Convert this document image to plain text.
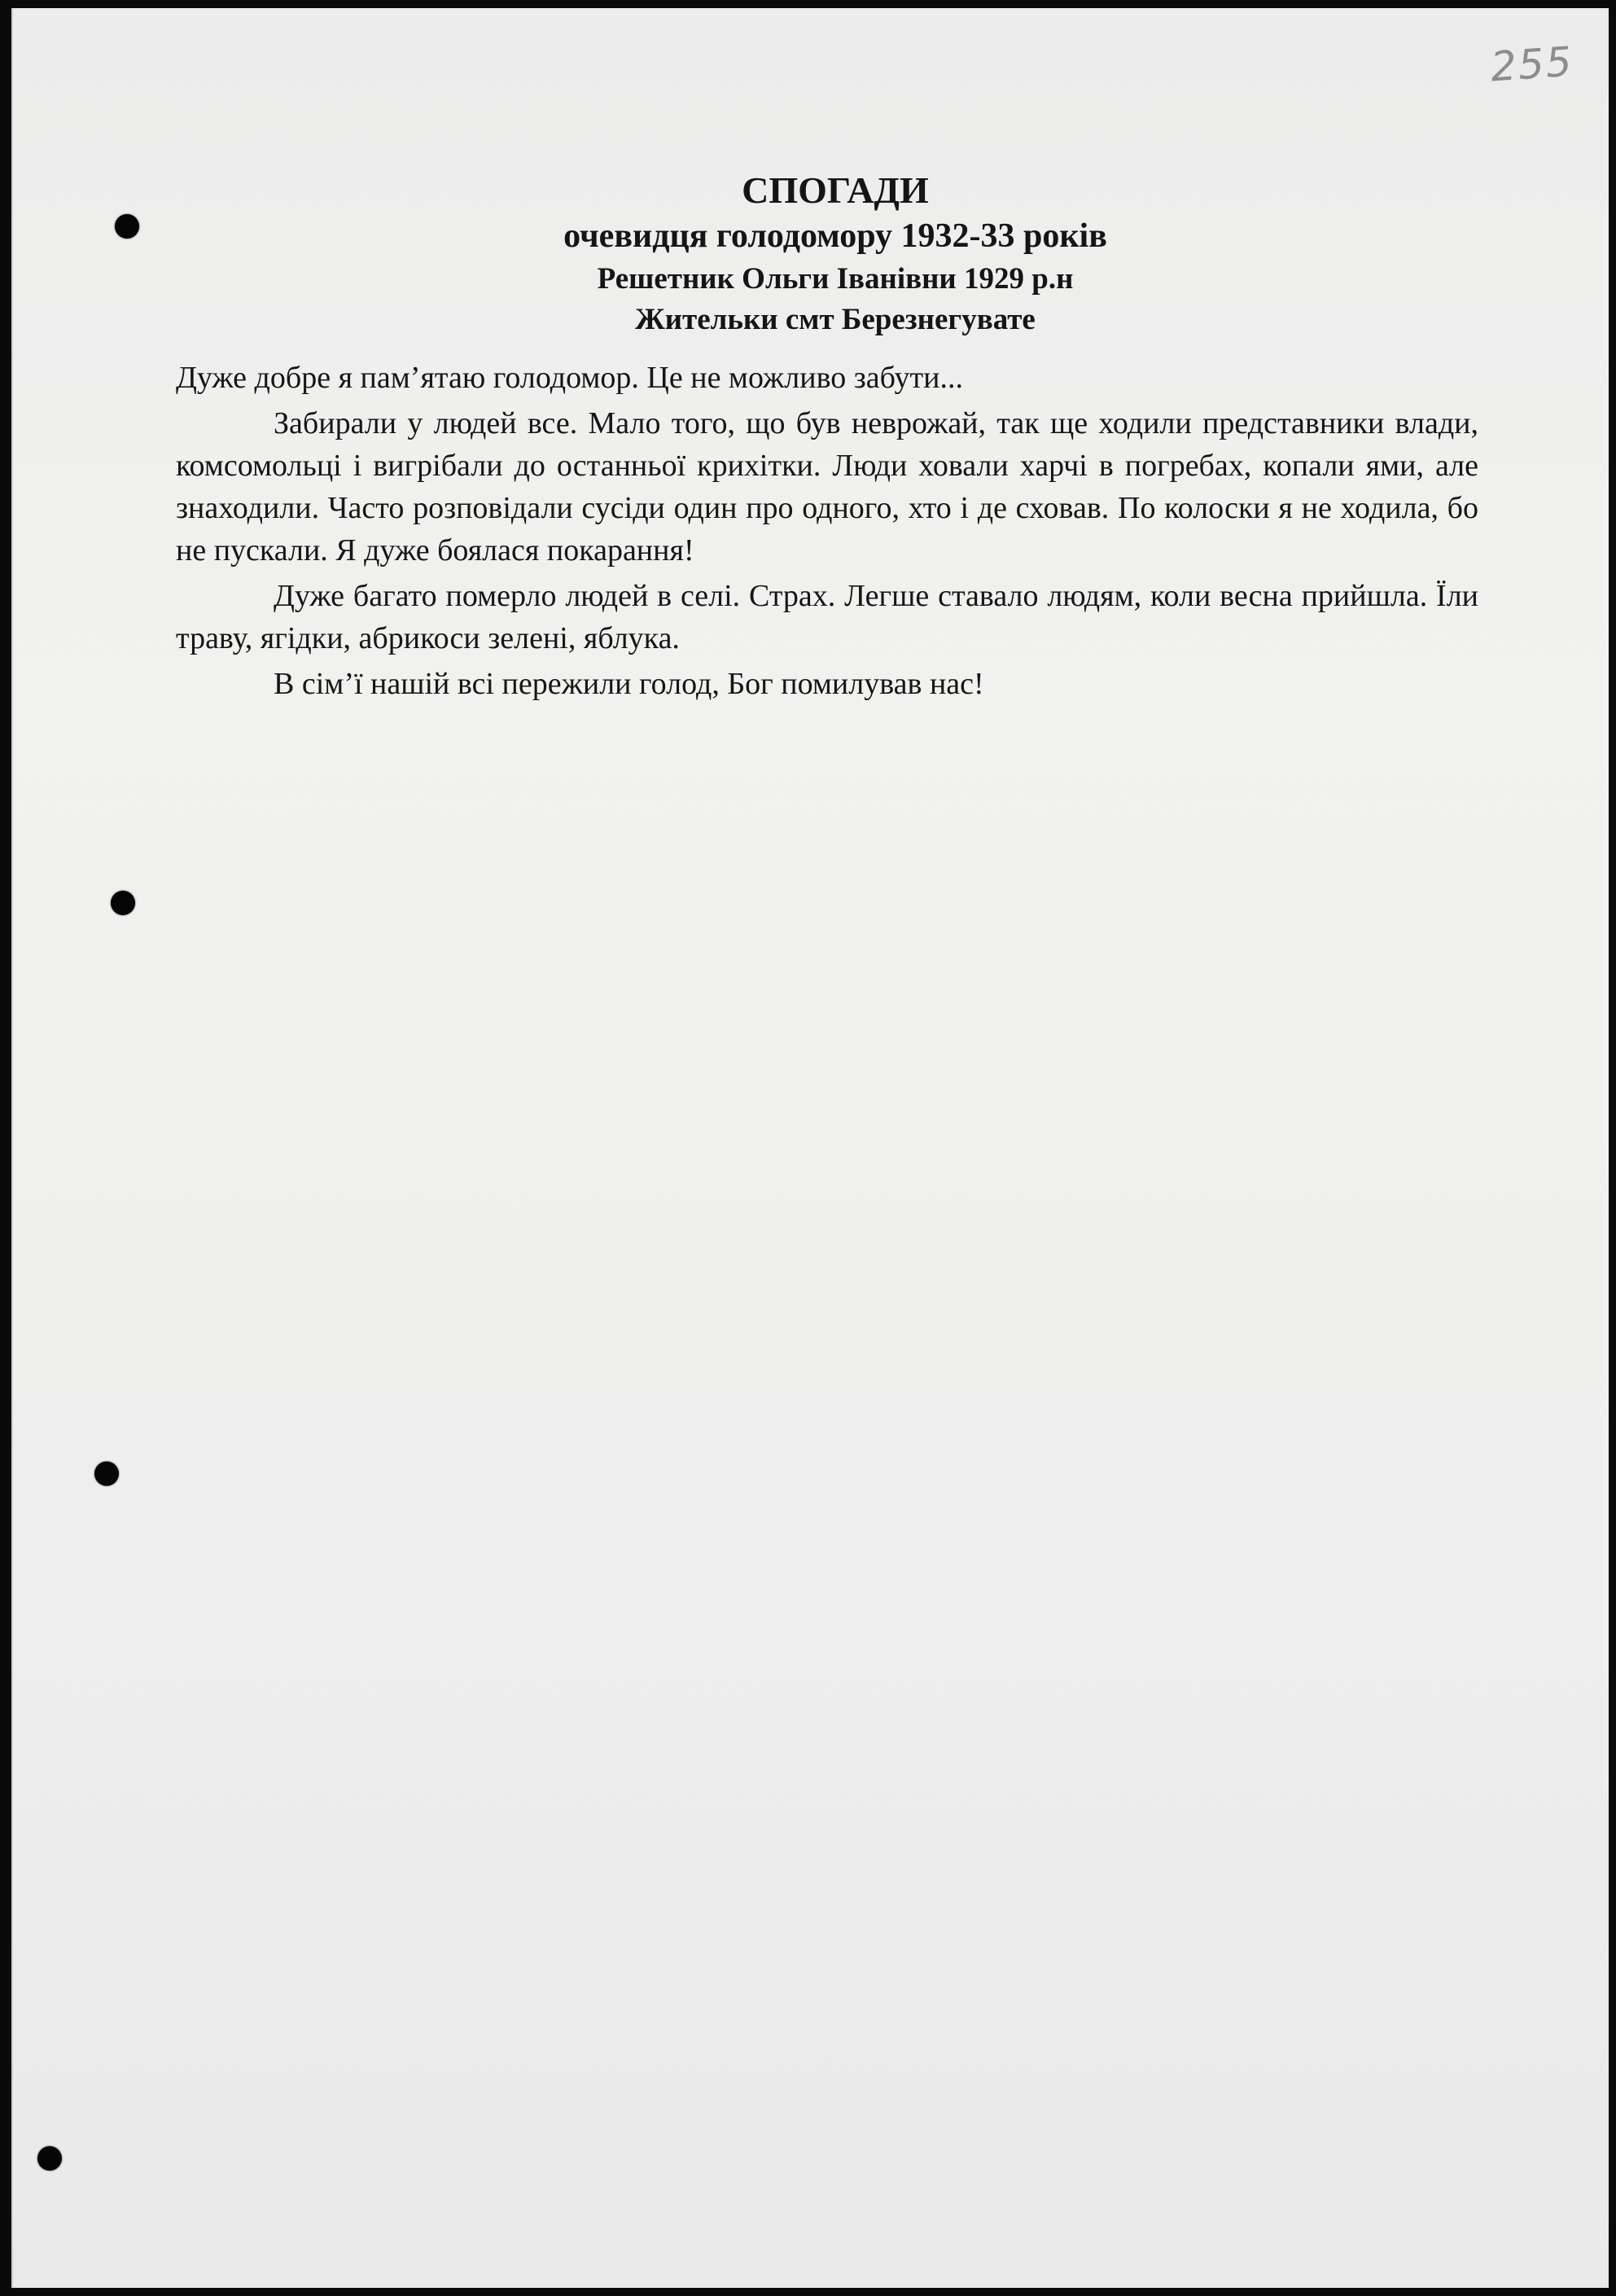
255
СПОГАДИ
очевидця голодомору 1932-33 років
Решетник Ольги Іванівни 1929 р.н
Жительки смт Березнегувате

Дуже добре я пам’ятаю голодомор. Це не можливо забути...

Забирали у людей все. Мало того, що був неврожай, так ще ходили представники влади, комсомольці і вигрібали до останньої крихітки. Люди ховали харчі в погребах, копали ями, але знаходили. Часто розповідали сусіди один про одного, хто і де сховав. По колоски я не ходила, бо не пускали. Я дуже боялася покарання!

Дуже багато померло людей в селі. Страх. Легше ставало людям, коли весна прийшла. Їли траву, ягідки, абрикоси зелені, яблука.

В сім’ї нашій всі пережили голод, Бог помилував нас!
